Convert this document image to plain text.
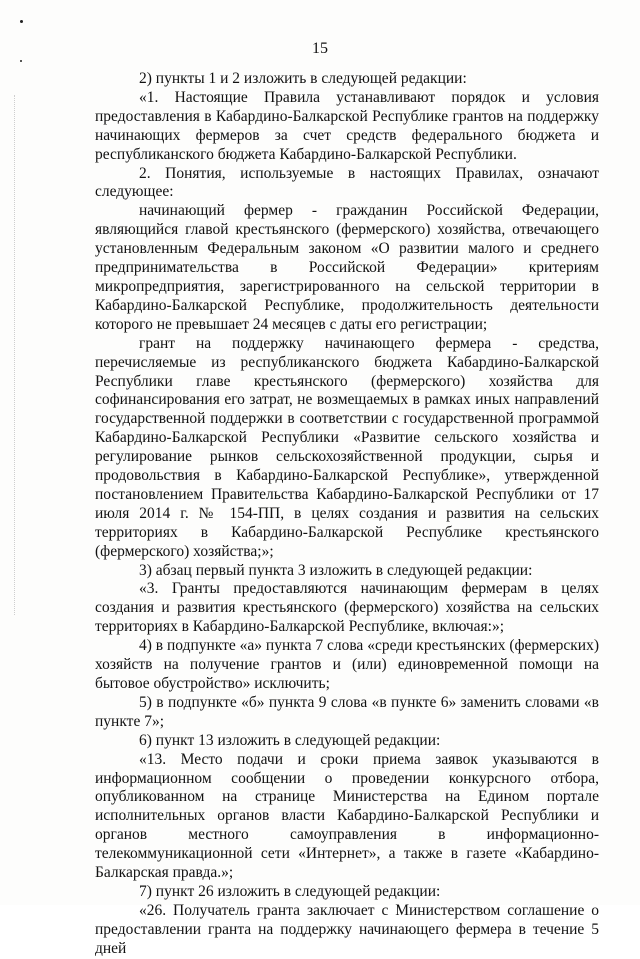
15

2) пункты 1 и 2 изложить в следующей редакции:

«1. Настоящие Правила устанавливают порядок и условия предоставления в Кабардино-Балкарской Республике грантов на поддержку начинающих фермеров за счет средств федерального бюджета и республиканского бюджета Кабардино-Балкарской Республики.

2. Понятия, используемые в настоящих Правилах, означают следующее:

начинающий фермер - гражданин Российской Федерации, являющийся главой крестьянского (фермерского) хозяйства, отвечающего установленным Федеральным законом «О развитии малого и среднего предпринимательства в Российской Федерации» критериям микропредприятия, зарегистрированного на сельской территории в Кабардино-Балкарской Республике, продолжительность деятельности которого не превышает 24 месяцев с даты его регистрации;

грант на поддержку начинающего фермера - средства, перечисляемые из республиканского бюджета Кабардино-Балкарской Республики главе крестьянского (фермерского) хозяйства для софинансирования его затрат, не возмещаемых в рамках иных направлений государственной поддержки в соответствии с государственной программой Кабардино-Балкарской Республики «Развитие сельского хозяйства и регулирование рынков сельскохозяйственной продукции, сырья и продовольствия в Кабардино-Балкарской Республике», утвержденной постановлением Правительства Кабардино-Балкарской Республики от 17 июля 2014 г. № 154-ПП, в целях создания и развития на сельских территориях в Кабардино-Балкарской Республике крестьянского (фермерского) хозяйства;»;

3) абзац первый пункта 3 изложить в следующей редакции:

«3. Гранты предоставляются начинающим фермерам в целях создания и развития крестьянского (фермерского) хозяйства на сельских территориях в Кабардино-Балкарской Республике, включая:»;

4) в подпункте «а» пункта 7 слова «среди крестьянских (фермерских) хозяйств на получение грантов и (или) единовременной помощи на бытовое обустройство» исключить;

5) в подпункте «б» пункта 9 слова «в пункте 6» заменить словами «в пункте 7»;

6) пункт 13 изложить в следующей редакции:

«13. Место подачи и сроки приема заявок указываются в информационном сообщении о проведении конкурсного отбора, опубликованном на странице Министерства на Едином портале исполнительных органов власти Кабардино-Балкарской Республики и органов местного самоуправления в информационно-телекоммуникационной сети «Интернет», а также в газете «Кабардино-Балкарская правда.»;

7) пункт 26 изложить в следующей редакции:

«26. Получатель гранта заключает с Министерством соглашение о предоставлении гранта на поддержку начинающего фермера в течение 5 дней
